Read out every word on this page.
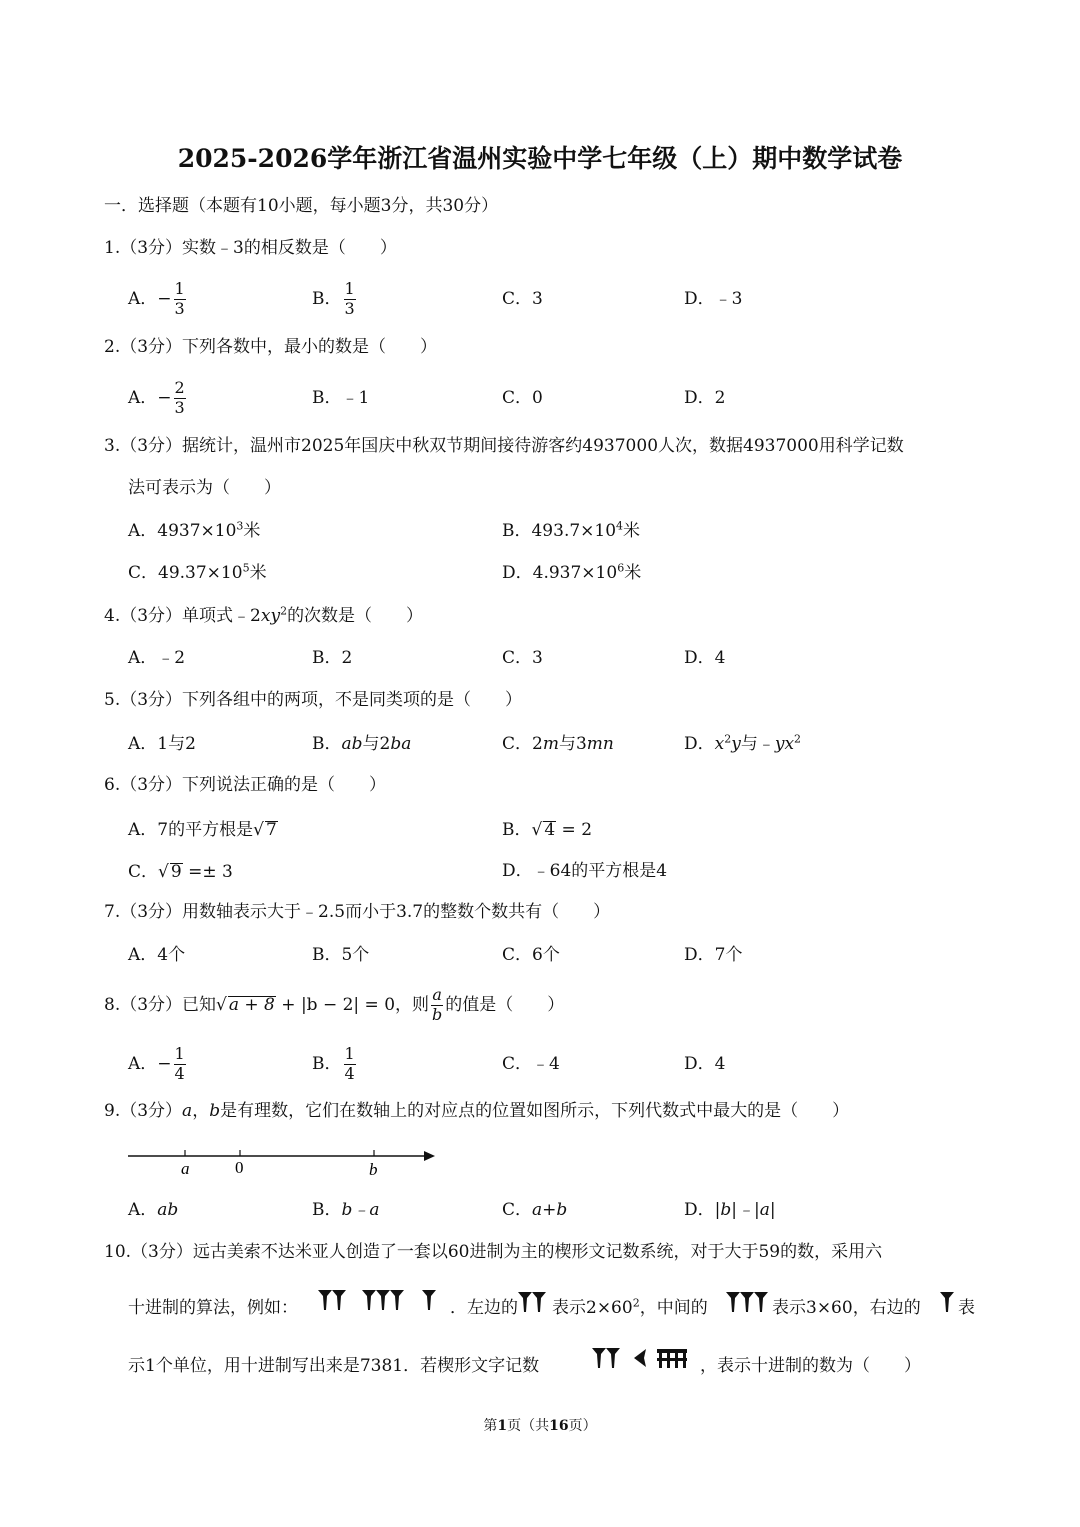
2025-2026学年浙江省温州实验中学七年级（上）期中数学试卷
一．选择题（本题有10小题，每小题3分，共30分）
1.（3分）实数﹣3的相反数是（　　）
A．− $\frac{1}{3}$	B． $\frac{1}{3}$	C．3	D．﹣3
2.（3分）下列各数中，最小的数是（　　）
A．− $\frac{2}{3}$	B．﹣1	C．0	D．2
3.（3分）据统计，温州市2025年国庆中秋双节期间接待游客约4937000人次，数据4937000用科学记数
法可表示为（　　）
A．$4937\times 10^3$米	B．$493.7\times 10^4$米
C．$49.37\times 10^5$米	D．$4.937\times 10^6$米
4.（3分）单项式$﹣2xy^2$的次数是（　　）
A．﹣2	B．2	C．3	D．4
5.（3分）下列各组中的两项，不是同类项的是（　　）
A．1与2	B．ab与2ba	C．2m与3mn	D．$x^2y$与$﹣yx^2$
6.（3分）下列说法正确的是（　　）
A．7的平方根是√ 7	B．√ 4 = 2
C．√ 9 =± 3	D．﹣64的平方根是4
7.（3分）用数轴表示大于﹣2.5而小于3.7的整数个数共有（　　）
A．4个	B．5个	C．6个	D．7个
8.（3分）已知√ a + 8 + |b − 2| = 0，则 $\frac{a}{b}$ 的值是（　　）
A．− $\frac{1}{4}$	B． $\frac{1}{4}$	C．﹣4	D．4
9.（3分）a，b是有理数，它们在数轴上的对应点的位置如图所示，下列代数式中最大的是（　　）
a	0	b
A．ab	B．b﹣a	C．a+b	D．|b|﹣|a|
10.（3分）远古美索不达米亚人创造了一套以60进制为主的楔形文记数系统，对于大于59的数，采用六
十进制的算法，例如：	．左边的 表示$2\times 60^2$，中间的	表示3×60，右边的 表
示1个单位，用十进制写出来是7381．若楔形文字记数	，表示十进制的数为（　　）
第1页（共16页）
